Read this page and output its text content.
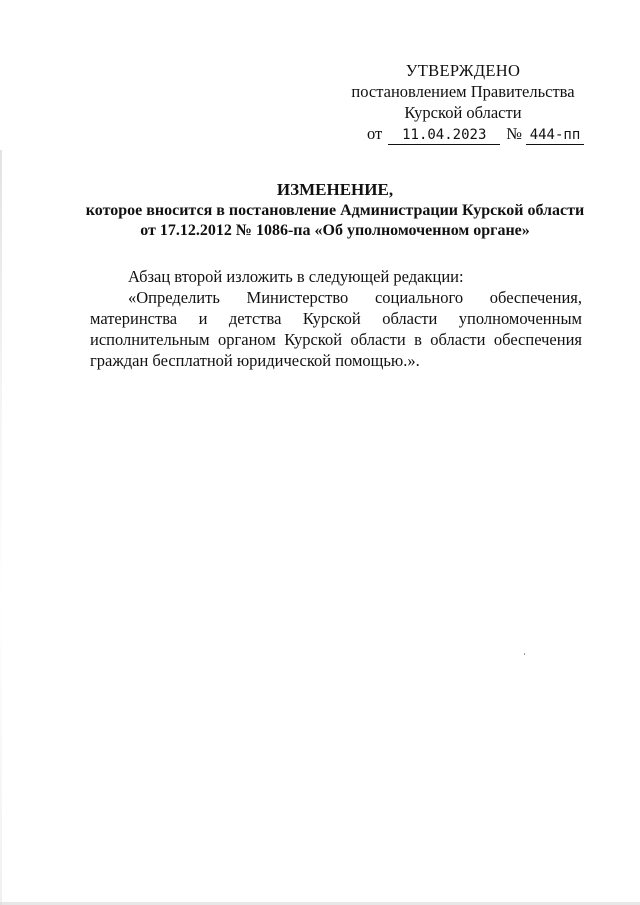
УТВЕРЖДЕНО
постановлением Правительства
Курской области
от	11.04.2023	№ 444-пп
ИЗМЕНЕНИЕ,
которое вносится в постановление Администрации Курской области
от 17.12.2012 № 1086-па «Об уполномоченном органе»

Абзац второй изложить в следующей редакции:

«Определить Министерство социального обеспечения, материнства и детства Курской области уполномоченным исполнительным органом Курской области в области обеспечения граждан бесплатной юридической помощью.».
